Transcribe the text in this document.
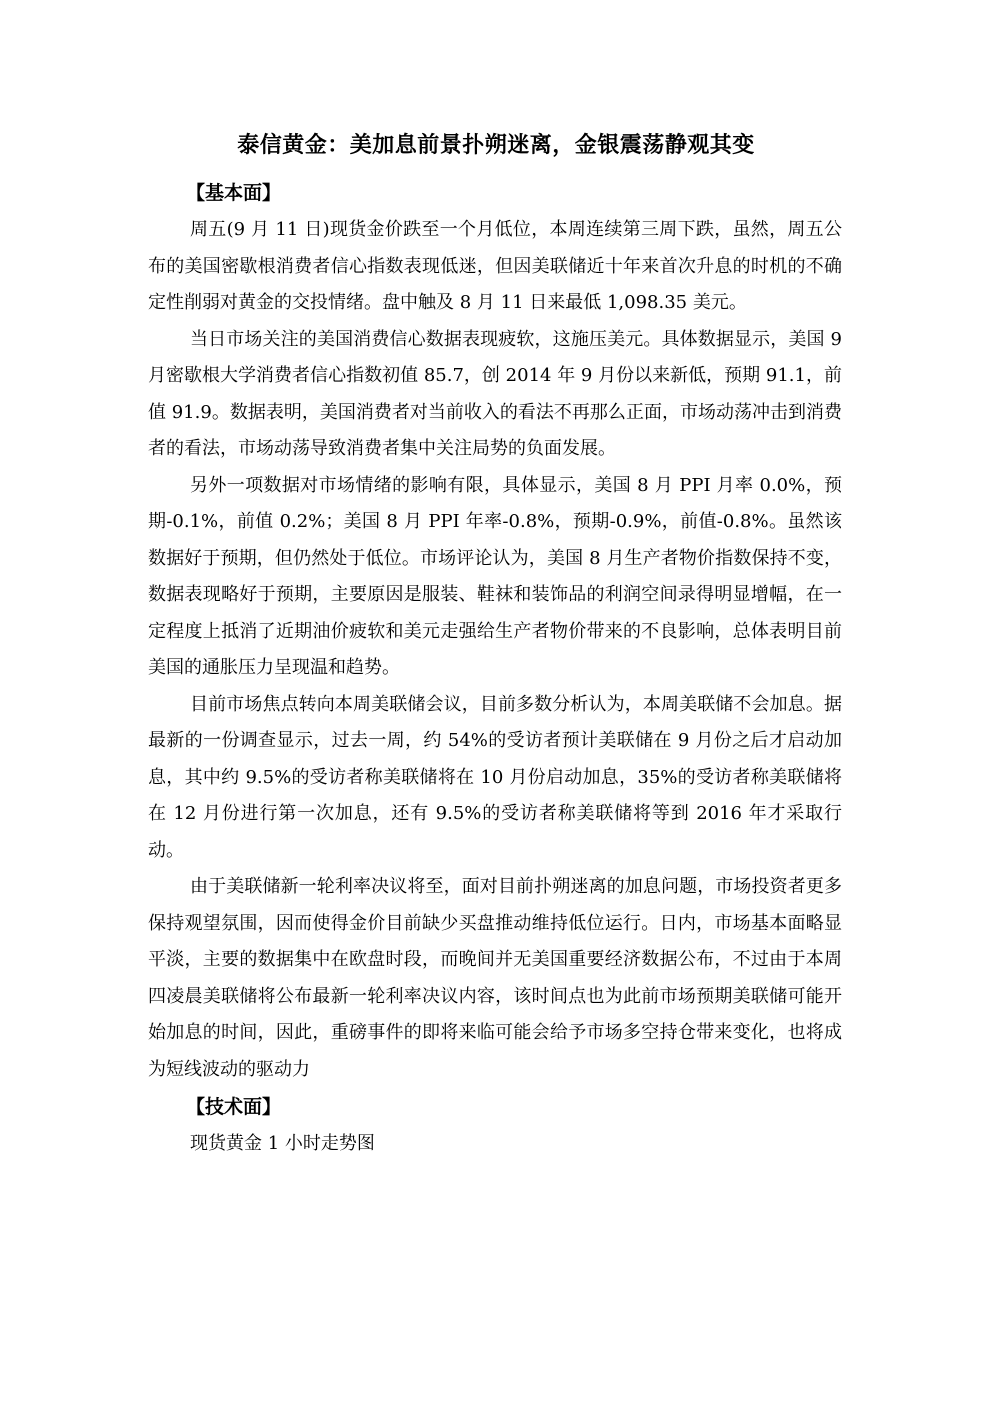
泰信黄金：美加息前景扑朔迷离，金银震荡静观其变
【基本面】

周五(9 月 11 日)现货金价跌至一个月低位，本周连续第三周下跌，虽然，周五公布的美国密歇根消费者信心指数表现低迷，但因美联储近十年来首次升息的时机的不确定性削弱对黄金的交投情绪。盘中触及 8 月 11 日来最低 1,098.35 美元。

当日市场关注的美国消费信心数据表现疲软，这施压美元。具体数据显示，美国 9 月密歇根大学消费者信心指数初值 85.7，创 2014 年 9 月份以来新低，预期 91.1，前值 91.9。数据表明，美国消费者对当前收入的看法不再那么正面，市场动荡冲击到消费者的看法，市场动荡导致消费者集中关注局势的负面发展。

另外一项数据对市场情绪的影响有限，具体显示，美国 8 月 PPI 月率 0.0%，预期-0.1%，前值 0.2%；美国 8 月 PPI 年率-0.8%，预期-0.9%，前值-0.8%。虽然该数据好于预期，但仍然处于低位。市场评论认为，美国 8 月生产者物价指数保持不变，数据表现略好于预期，主要原因是服装、鞋袜和装饰品的利润空间录得明显增幅，在一定程度上抵消了近期油价疲软和美元走强给生产者物价带来的不良影响，总体表明目前美国的通胀压力呈现温和趋势。

目前市场焦点转向本周美联储会议，目前多数分析认为，本周美联储不会加息。据最新的一份调查显示，过去一周，约 54%的受访者预计美联储在 9 月份之后才启动加息，其中约 9.5%的受访者称美联储将在 10 月份启动加息，35%的受访者称美联储将在 12 月份进行第一次加息，还有 9.5%的受访者称美联储将等到 2016 年才采取行动。

由于美联储新一轮利率决议将至，面对目前扑朔迷离的加息问题，市场投资者更多保持观望氛围，因而使得金价目前缺少买盘推动维持低位运行。日内，市场基本面略显平淡，主要的数据集中在欧盘时段，而晚间并无美国重要经济数据公布，不过由于本周四凌晨美联储将公布最新一轮利率决议内容，该时间点也为此前市场预期美联储可能开始加息的时间，因此，重磅事件的即将来临可能会给予市场多空持仓带来变化，也将成为短线波动的驱动力

【技术面】

现货黄金 1 小时走势图
